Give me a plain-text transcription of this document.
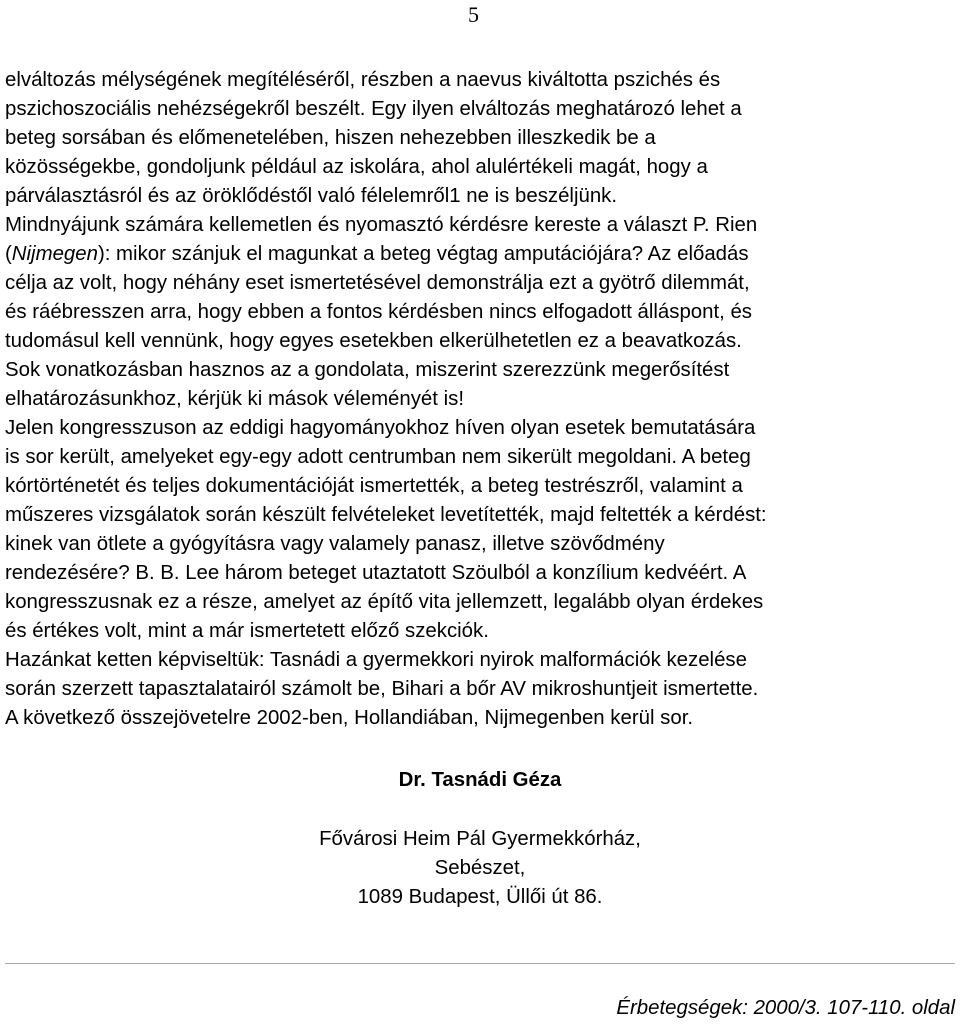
5

elváltozás mélységének megítéléséről, részben a naevus kiváltotta pszichés és
pszichoszociális nehézségekről beszélt. Egy ilyen elváltozás meghatározó lehet a
beteg sorsában és előmenetelében, hiszen nehezebben illeszkedik be a
közösségekbe, gondoljunk például az iskolára, ahol alulértékeli magát, hogy a
párválasztásról és az öröklődéstől való félelemről1 ne is beszéljünk.

Mindnyájunk számára kellemetlen és nyomasztó kérdésre kereste a választ P. Rien
(Nijmegen): mikor szánjuk el magunkat a beteg végtag amputációjára? Az előadás
célja az volt, hogy néhány eset ismertetésével demonstrálja ezt a gyötrő dilemmát,
és ráébresszen arra, hogy ebben a fontos kérdésben nincs elfogadott álláspont, és
tudomásul kell vennünk, hogy egyes esetekben elkerülhetetlen ez a beavatkozás.
Sok vonatkozásban hasznos az a gondolata, miszerint szerezzünk megerősítést
elhatározásunkhoz, kérjük ki mások véleményét is!

Jelen kongresszuson az eddigi hagyományokhoz híven olyan esetek bemutatására
is sor került, amelyeket egy-egy adott centrumban nem sikerült megoldani. A beteg
kórtörténetét és teljes dokumentációját ismertették, a beteg testrészről, valamint a
műszeres vizsgálatok során készült felvételeket levetítették, majd feltették a kérdést:
kinek van ötlete a gyógyításra vagy valamely panasz, illetve szövődmény
rendezésére? B. B. Lee három beteget utaztatott Szöulból a konzílium kedvéért. A
kongresszusnak ez a része, amelyet az építő vita jellemzett, legalább olyan érdekes
és értékes volt, mint a már ismertetett előző szekciók.

Hazánkat ketten képviseltük: Tasnádi a gyermekkori nyirok malformációk kezelése
során szerzett tapasztalatairól számolt be, Bihari a bőr AV mikroshuntjeit ismertette.
A következő összejövetelre 2002-ben, Hollandiában, Nijmegenben kerül sor.

Dr. Tasnádi Géza

Fővárosi Heim Pál Gyermekkórház,

Sebészet,

1089 Budapest, Üllői út 86.

Érbetegségek: 2000/3. 107-110. oldal
